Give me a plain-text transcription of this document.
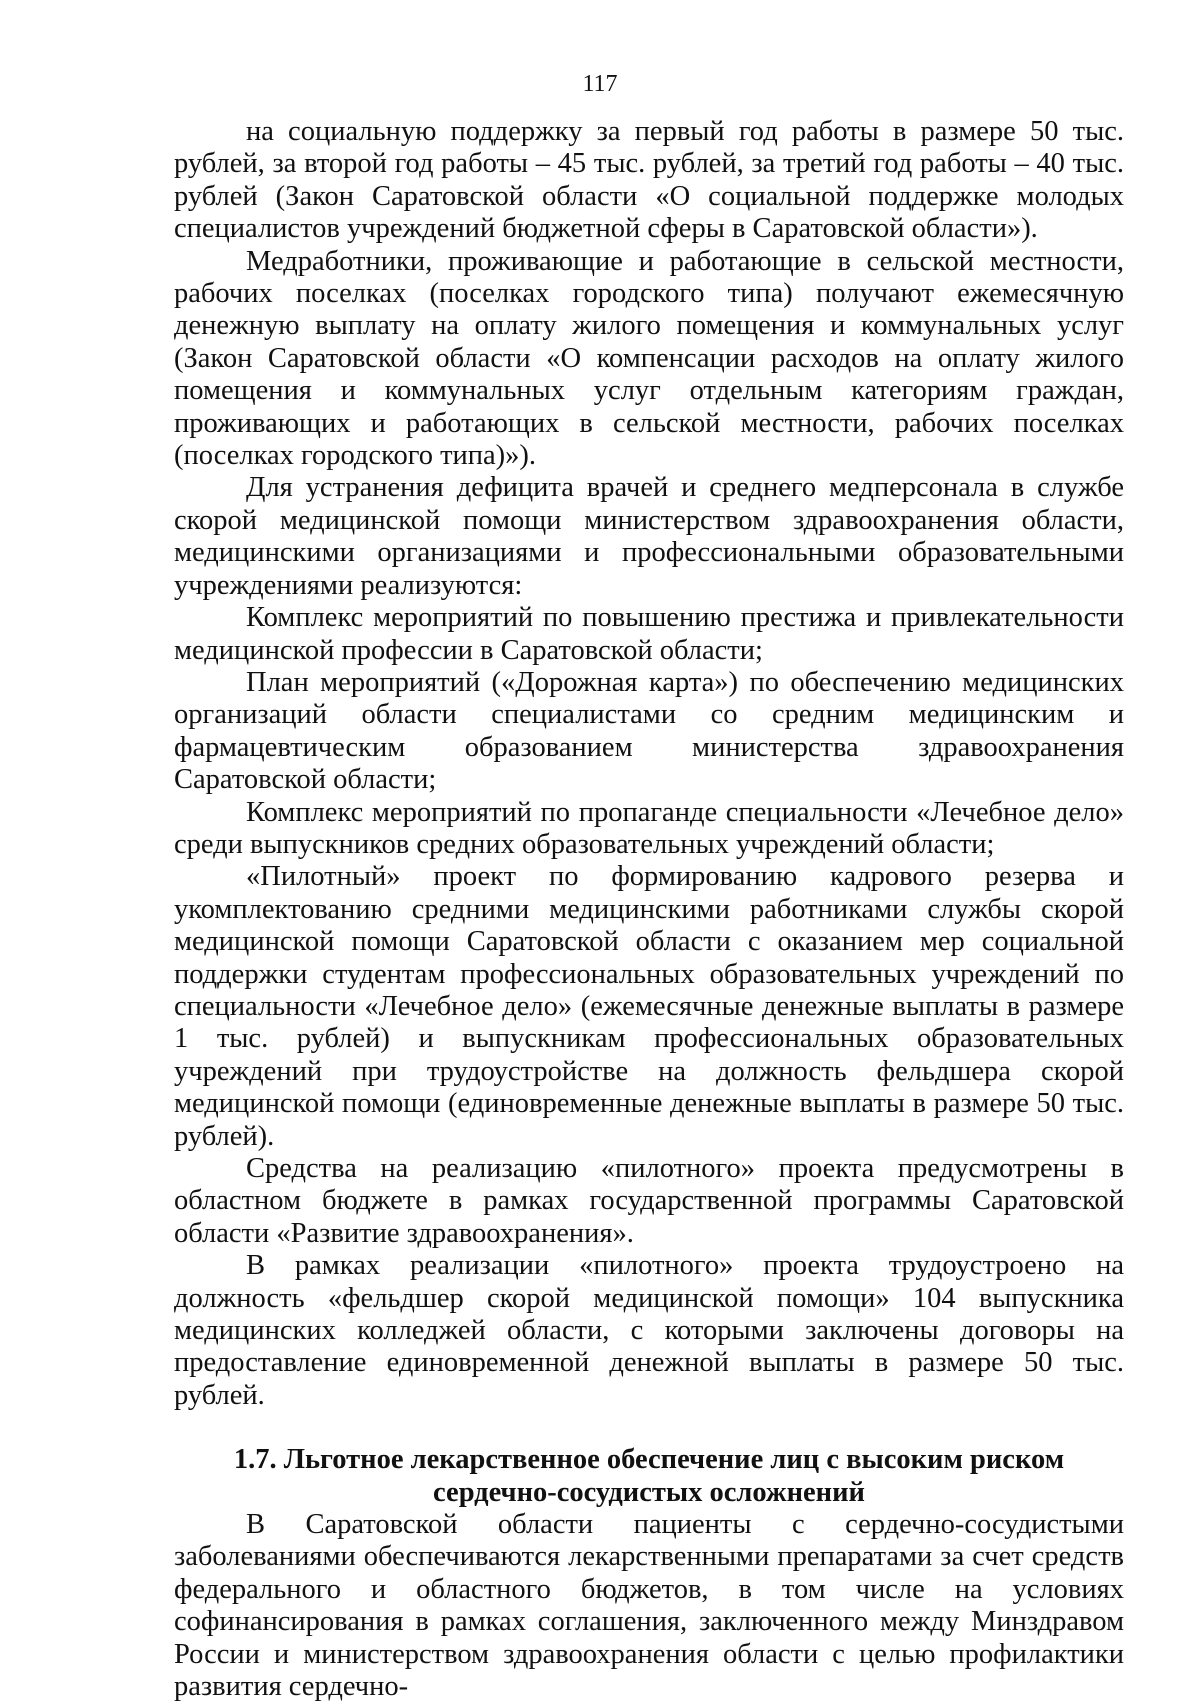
117

на социальную поддержку за первый год работы в размере 50 тыс. рублей, за второй год работы – 45 тыс. рублей, за третий год работы – 40 тыс. рублей (Закон Саратовской области «О социальной поддержке молодых специалистов учреждений бюджетной сферы в Саратовской области»).

Медработники, проживающие и работающие в сельской местности, рабочих поселках (поселках городского типа) получают ежемесячную денежную выплату на оплату жилого помещения и коммунальных услуг (Закон Саратовской области «О компенсации расходов на оплату жилого помещения и коммунальных услуг отдельным категориям граждан, проживающих и работающих в сельской местности, рабочих поселках (поселках городского типа)»).

Для устранения дефицита врачей и среднего медперсонала в службе скорой медицинской помощи министерством здравоохранения области, медицинскими организациями и профессиональными образовательными учреждениями реализуются:

Комплекс мероприятий по повышению престижа и привлекательности медицинской профессии в Саратовской области;

План мероприятий («Дорожная карта») по обеспечению медицинских организаций области специалистами со средним медицинским и фармацевтическим образованием министерства здравоохранения Саратовской области;

Комплекс мероприятий по пропаганде специальности «Лечебное дело» среди выпускников средних образовательных учреждений области;

«Пилотный» проект по формированию кадрового резерва и укомплектованию средними медицинскими работниками службы скорой медицинской помощи Саратовской области с оказанием мер социальной поддержки студентам профессиональных образовательных учреждений по специальности «Лечебное дело» (ежемесячные денежные выплаты в размере 1 тыс. рублей) и выпускникам профессиональных образовательных учреждений при трудоустройстве на должность фельдшера скорой медицинской помощи (единовременные денежные выплаты в размере 50 тыс. рублей).

Средства на реализацию «пилотного» проекта предусмотрены в областном бюджете в рамках государственной программы Саратовской области «Развитие здравоохранения».

В рамках реализации «пилотного» проекта трудоустроено на должность «фельдшер скорой медицинской помощи» 104 выпускника медицинских колледжей области, с которыми заключены договоры на предоставление единовременной денежной выплаты в размере 50 тыс. рублей.

1.7. Льготное лекарственное обеспечение лиц с высоким риском сердечно-сосудистых осложнений

В Саратовской области пациенты с сердечно-сосудистыми заболеваниями обеспечиваются лекарственными препаратами за счет средств федерального и областного бюджетов, в том числе на условиях софинансирования в рамках соглашения, заключенного между Минздравом России и министерством здравоохранения области с целью профилактики развития сердечно-
